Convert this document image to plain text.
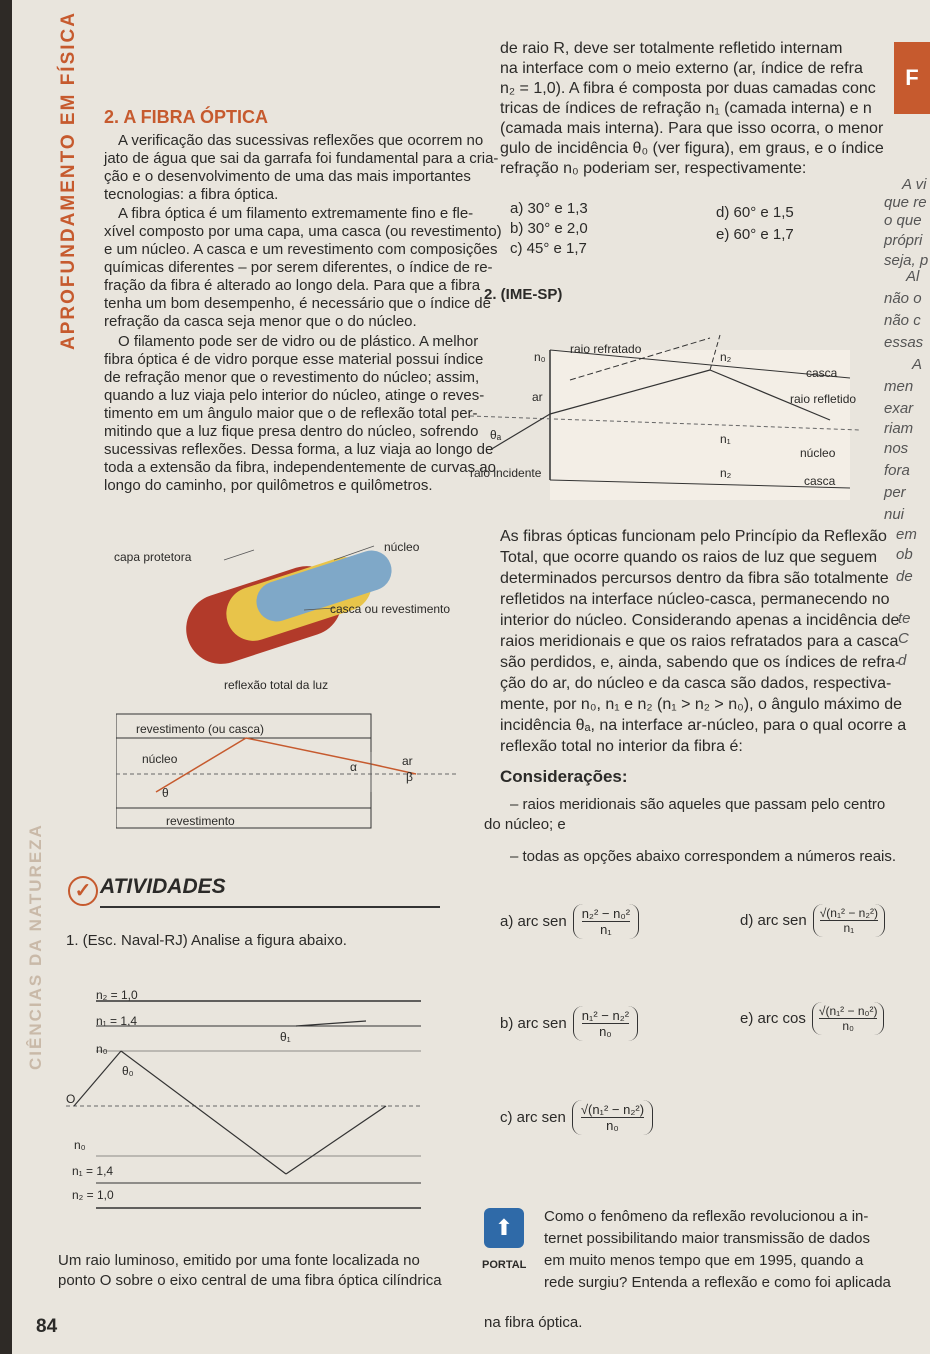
APROFUNDAMENTO EM FÍSICA
CIÊNCIAS DA NATUREZA
F
2. A FIBRA ÓPTICA
A verificação das sucessivas reflexões que ocorrem no
jato de água que sai da garrafa foi fundamental para a cria-
ção e o desenvolvimento de uma das mais importantes
tecnologias: a fibra óptica.
A fibra óptica é um filamento extremamente fino e fle-
xível composto por uma capa, uma casca (ou revestimento)
e um núcleo. A casca e um revestimento com composições
químicas diferentes – por serem diferentes, o índice de re-
fração da fibra é alterado ao longo dela. Para que a fibra
tenha um bom desempenho, é necessário que o índice de
refração da casca seja menor que o do núcleo.
O filamento pode ser de vidro ou de plástico. A melhor
fibra óptica é de vidro porque esse material possui índice
de refração menor que o revestimento do núcleo; assim,
quando a luz viaja pelo interior do núcleo, atinge o reves-
timento em um ângulo maior que o de reflexão total per-
mitindo que a luz fique presa dentro do núcleo, sofrendo
sucessivas reflexões. Dessa forma, a luz viaja ao longo de
toda a extensão da fibra, independentemente de curvas ao
longo do caminho, por quilômetros e quilômetros.
capa protetora
núcleo
casca ou revestimento
reflexão total da luz
revestimento (ou casca)
núcleo	ar
α
β
θ
revestimento
✓ ATIVIDADES
1. (Esc. Naval-RJ) Analise a figura abaixo.
n₂ = 1,0
n₁ = 1,4
θ₁
n₀
θ₀
O
n₀
n₁ = 1,4
n₂ = 1,0
Um raio luminoso, emitido por uma fonte localizada no
ponto O sobre o eixo central de uma fibra óptica cilíndrica
84
de raio R, deve ser totalmente refletido internam
na interface com o meio externo (ar, índice de refra
n₂ = 1,0). A fibra é composta por duas camadas conc
tricas de índices de refração n₁ (camada interna) e n
(camada mais interna). Para que isso ocorra, o menor
gulo de incidência θ₀ (ver figura), em graus, e o índice
refração n₀ poderiam ser, respectivamente:
a) 30° e 1,3
b) 30° e 2,0
c) 45° e 1,7
d) 60° e 1,5
e) 60° e 1,7
2. (IME-SP)
n₀
raio refratado
n₂
casca
ar	raio refletido
θₐ	n₁
núcleo
raio incidente	n₂
casca
As fibras ópticas funcionam pelo Princípio da Reflexão
Total, que ocorre quando os raios de luz que seguem
determinados percursos dentro da fibra são totalmente
refletidos na interface núcleo-casca, permanecendo no
interior do núcleo. Considerando apenas a incidência de
raios meridionais e que os raios refratados para a casca
são perdidos, e, ainda, sabendo que os índices de refra-
ção do ar, do núcleo e da casca são dados, respectiva-
mente, por n₀, n₁ e n₂ (n₁ > n₂ > n₀), o ângulo máximo de
incidência θₐ, na interface ar-núcleo, para o qual ocorre a
reflexão total no interior da fibra é:
Considerações:
– raios meridionais são aqueles que passam pelo centro
do núcleo; e
– todas as opções abaixo correspondem a números reais.
a) arc sen $\frac{\text{n₂² − n₀²}}{\text{n₁}}$	d) arc sen $\frac{\text{√(n₁² − n₂²)}}{\text{n₁}}$
b) arc sen $\frac{\text{n₁² − n₂²}}{\text{n₀}}$	e) arc $\cos \frac{\text{√(n₁² − n₀²)}}{\text{n₀}}$
c) arc sen $\frac{\text{√(n₁² − n₂²)}}{\text{n₀}}$
⬆
PORTAL
Como o fenômeno da reflexão revolucionou a in-
ternet possibilitando maior transmissão de dados
em muito menos tempo que em 1995, quando a
rede surgiu? Entenda a reflexão e como foi aplicada
na fibra óptica.
A vi
que re
o que
própri
seja, p
Al
não o
não c
essas
A
men
exar
riam
nos
fora
per
nui
em
ob
de
te
C
d
